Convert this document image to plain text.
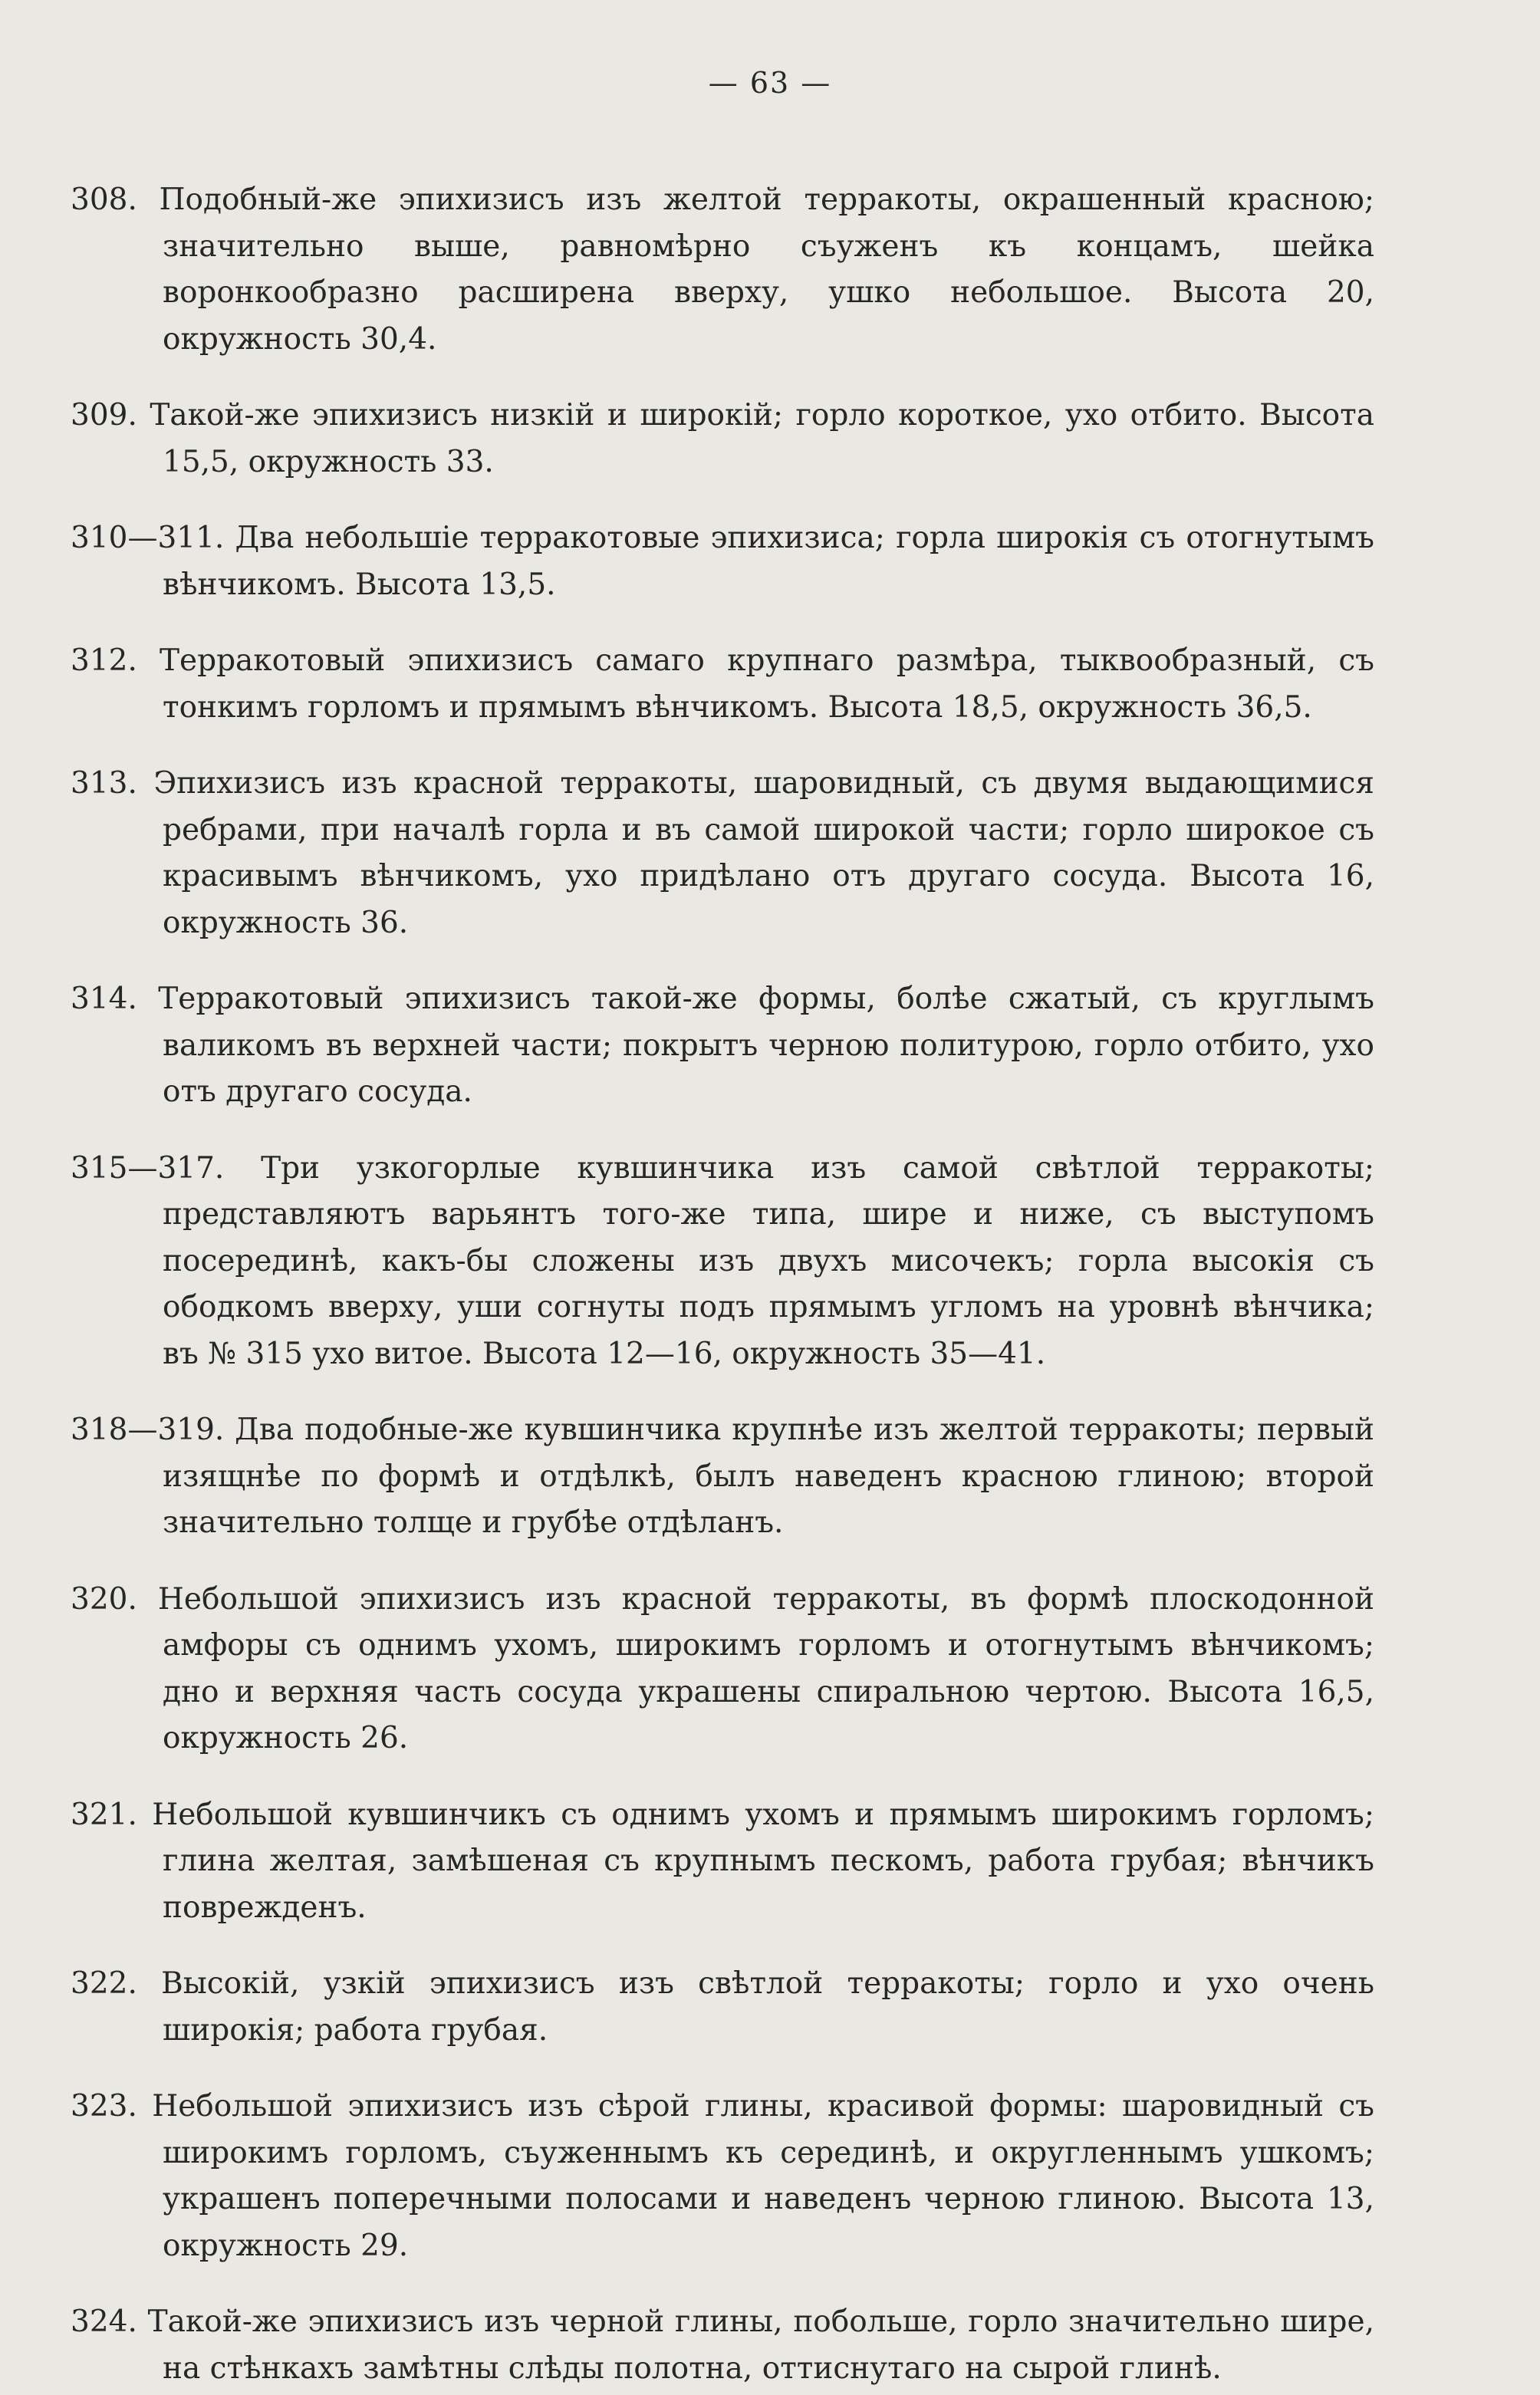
— 63 —

308. Подобный-же эпихизисъ изъ желтой терракоты, окрашенный красною; значительно выше, равномѣрно съуженъ къ концамъ, шейка воронкообразно расширена вверху, ушко небольшое. Высота 20, окружность 30,4.

309. Такой-же эпихизисъ низкій и широкій; горло короткое, ухо отбито. Высота 15,5, окружность 33.

310—311. Два небольшіе терракотовые эпихизиса; горла широкія съ отогнутымъ вѣнчикомъ. Высота 13,5.

312. Терракотовый эпихизисъ самаго крупнаго размѣра, тыквообразный, съ тонкимъ горломъ и прямымъ вѣнчикомъ. Высота 18,5, окружность 36,5.

313. Эпихизисъ изъ красной терракоты, шаровидный, съ двумя выдающимися ребрами, при началѣ горла и въ самой широкой части; горло широкое съ красивымъ вѣнчикомъ, ухо придѣлано отъ другаго сосуда. Высота 16, окружность 36.

314. Терракотовый эпихизисъ такой-же формы, болѣе сжатый, съ круглымъ валикомъ въ верхней части; покрытъ черною политурою, горло отбито, ухо отъ другаго сосуда.

315—317. Три узкогорлые кувшинчика изъ самой свѣтлой терракоты; представляютъ варьянтъ того-же типа, шире и ниже, съ выступомъ посерединѣ, какъ-бы сложены изъ двухъ мисочекъ; горла высокія съ ободкомъ вверху, уши согнуты подъ прямымъ угломъ на уровнѣ вѣнчика; въ № 315 ухо витое. Высота 12—16, окружность 35—41.

318—319. Два подобные-же кувшинчика крупнѣе изъ желтой терракоты; первый изящнѣе по формѣ и отдѣлкѣ, былъ наведенъ красною глиною; второй значительно толще и грубѣе отдѣланъ.

320. Небольшой эпихизисъ изъ красной терракоты, въ формѣ плоскодонной амфоры съ однимъ ухомъ, широкимъ горломъ и отогнутымъ вѣнчикомъ; дно и верхняя часть сосуда украшены спиральною чертою. Высота 16,5, окружность 26.

321. Небольшой кувшинчикъ съ однимъ ухомъ и прямымъ широкимъ горломъ; глина желтая, замѣшеная съ крупнымъ пескомъ, работа грубая; вѣнчикъ поврежденъ.

322. Высокій, узкій эпихизисъ изъ свѣтлой терракоты; горло и ухо очень широкія; работа грубая.

323. Небольшой эпихизисъ изъ сѣрой глины, красивой формы: шаровидный съ широкимъ горломъ, съуженнымъ къ серединѣ, и округленнымъ ушкомъ; украшенъ поперечными полосами и наведенъ черною глиною. Высота 13, окружность 29.

324. Такой-же эпихизисъ изъ черной глины, побольше, горло значительно шире, на стѣнкахъ замѣтны слѣды полотна, оттиснутаго на сырой глинѣ.
